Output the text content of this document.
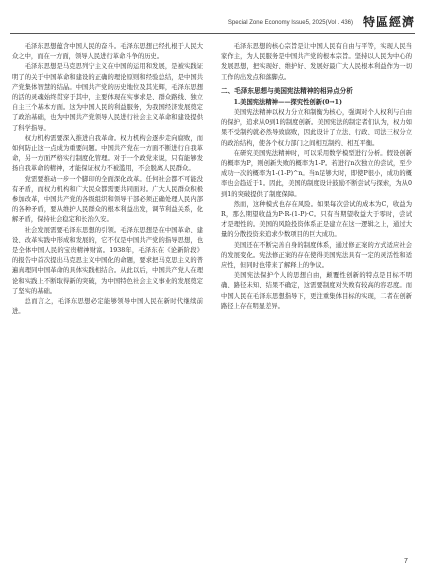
Special Zone Economy Issue5, 2025(Vol . 436) 特區經濟

毛泽东思想蕴含中国人民的奋斗。毛泽东思想已经扎根于人民大众之中，而在一方面，领导人民进行革命斗争的历史。

毛泽东思想是马克思列宁主义在中国的运用和发展，是被实践证明了的关于中国革命和建设的正确的理论原则和经验总结，是中国共产党集体智慧的结晶。中国共产党的历史地位及其光辉，毛泽东思想的活的灵魂始终贯穿于其中，主要体现在实事求是、群众路线、独立自主三个基本方面。这为中国人民的利益服务，为我国经济发展奠定了政治基础，也为中国共产党领导人民进行社会主义革命和建设提供了科学指导。

权力机构需要深入推进自我革命。权力机构会逐步走向腐败，而如何防止这一点成为重要问题。中国共产党在一方面不断进行自我革命，另一方面严格实行制度化管理。对于一个政党来说，只有能够发扬自我革命的精神，才能保证权力不被滥用，不会脱离人民群众。

党需要推动一步一个脚印的全面深化改革。任何社会都不可能没有矛盾，而权力机构和广大民众都需要共同面对。广大人民群众积极参加改革，中国共产党的各级组织和领导干部必须正确处理人民内部的各种矛盾，要从维护人民群众的根本利益出发，调节利益关系，化解矛盾，保持社会稳定和长治久安。

社会发展需要毛泽东思想的引领。毛泽东思想是在中国革命、建设、改革实践中形成和发展的，它不仅是中国共产党的指导思想，也是全体中国人民的宝贵精神财富。1938年，毛泽东在《论新阶段》的报告中首次提出马克思主义中国化的命题，要求把马克思主义的普遍真理同中国革命的具体实践相结合。从此以后，中国共产党人在理论和实践上不断取得新的突破，为中国特色社会主义事业的发展奠定了坚实的基础。

总而言之，毛泽东思想必定能够领导中国人民在新时代继续前进。

毛泽东思想的核心宗旨是让中国人民有自由与平等，实现人民当家作主，为人民服务是中国共产党的根本宗旨。坚持以人民为中心的发展思想，把实现好、维护好、发展好最广大人民根本利益作为一切工作的出发点和落脚点。

二、毛泽东思想与美国宪法精神的相异点分析
1.美国宪法精神——探究性创新(0→1)

美国宪法精神以权力分立和制衡为核心，强调对个人权利与自由的保护，追求从0到1的制度创新。美国宪法的制定者们认为，权力如果不受制约就必然导致腐败，因此设计了立法、行政、司法三权分立的政治结构，使各个权力部门之间相互制约、相互平衡。

在研究美国宪法精神时，可以采用数学模型进行分析。假设创新的概率为P，则创新失败的概率为1-P。若进行n次独立的尝试，至少成功一次的概率为1-(1-P)^n。当n足够大时，即使P很小，成功的概率也会趋近于1。因此，美国的制度设计鼓励不断尝试与探索，为从0到1的突破提供了制度保障。

然而，这种模式也存在风险。如果每次尝试的成本为C，收益为R，那么期望收益为P·R-(1-P)·C。只有当期望收益大于零时，尝试才是理性的。美国的风险投资体系正是建立在这一逻辑之上，通过大量的分散投资来追求少数项目的巨大成功。

美国还在不断完善自身的制度体系，通过修正案的方式适应社会的发展变化。宪法修正案的存在使得美国宪法具有一定的灵活性和适应性，但同时也带来了解释上的争议。

美国宪法保护个人的思想自由，颠覆性创新的特点是目标不明确、路径未知、结果不确定，这需要制度对失败有较高的容忍度。而中国人民在毛泽东思想指导下，更注重集体目标的实现，二者在创新路径上存在明显差异。

7
